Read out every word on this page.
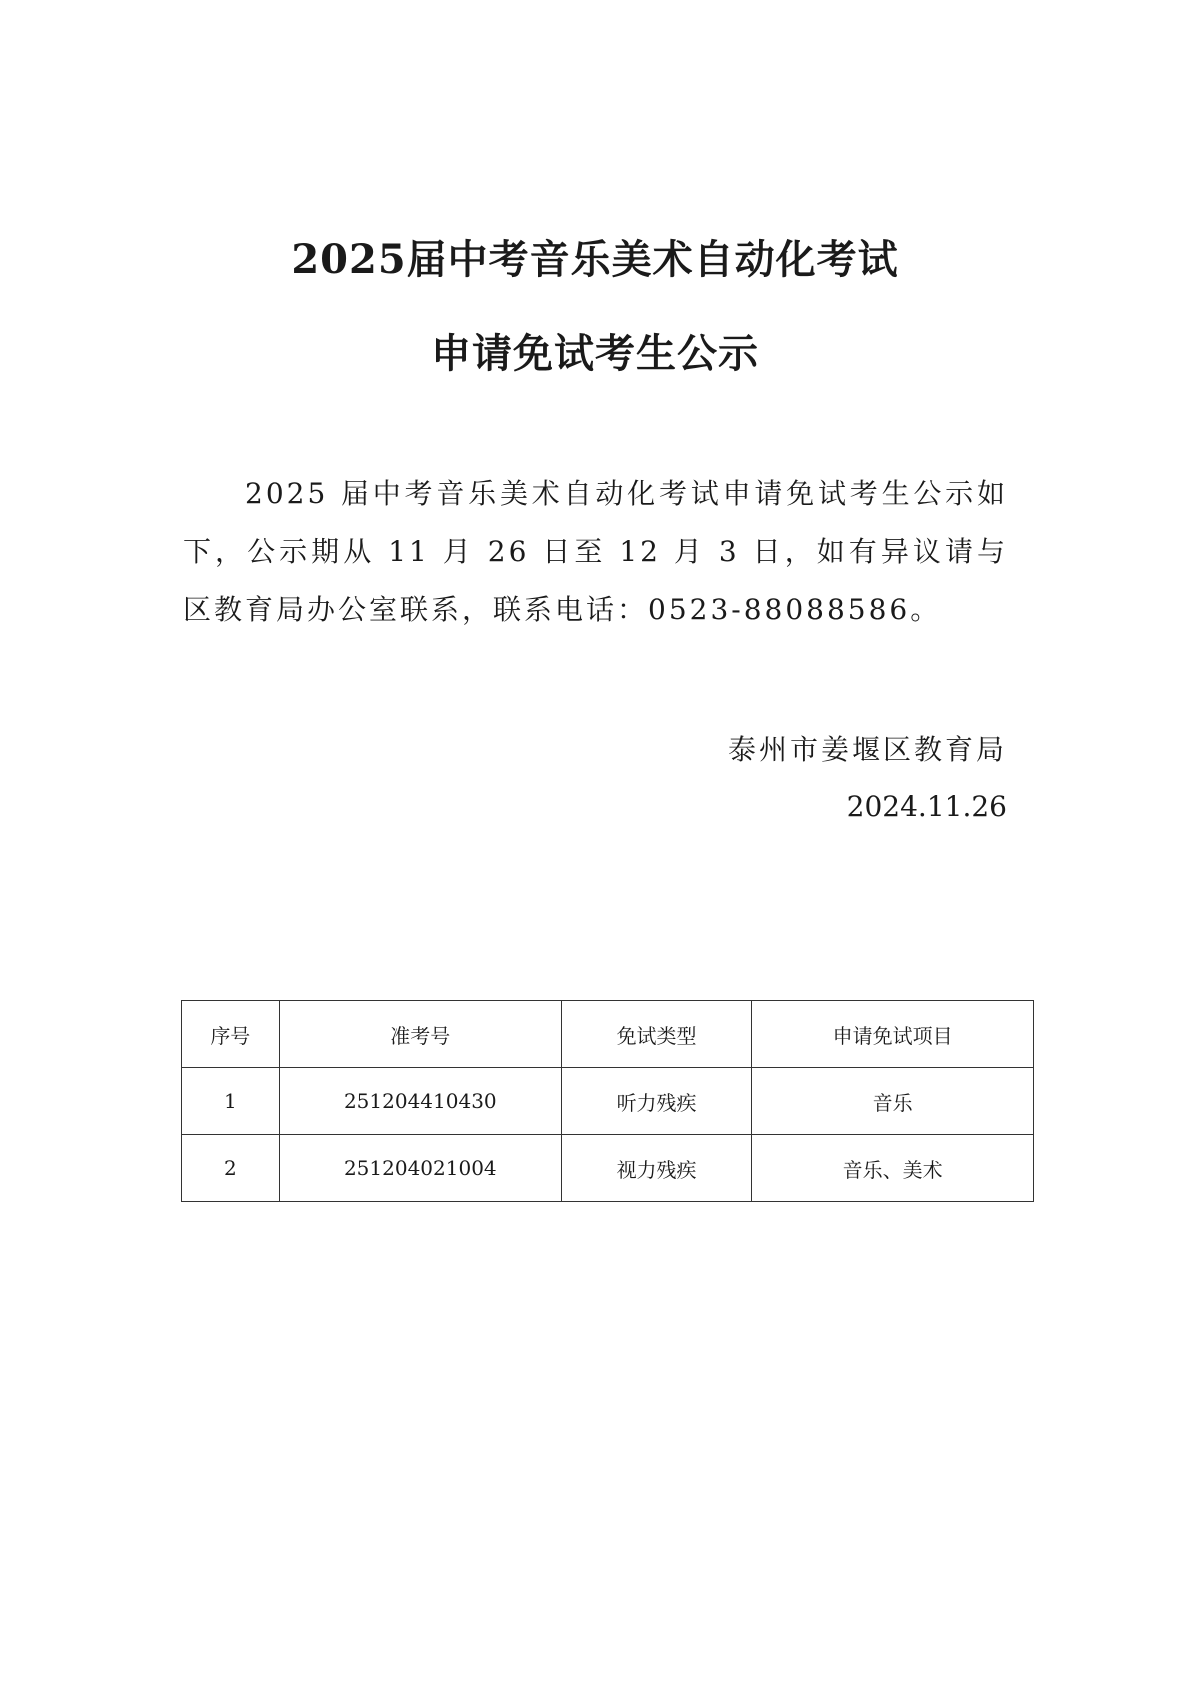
2025届中考音乐美术自动化考试
申请免试考生公示
2025 届中考音乐美术自动化考试申请免试考生公示如下，公示期从 11 月 26 日至 12 月 3 日，如有异议请与区教育局办公室联系，联系电话：0523-88088586。
泰州市姜堰区教育局
2024.11.26
序号	准考号	免试类型	申请免试项目
1	251204410430	听力残疾	音乐
2	251204021004	视力残疾	音乐、美术
